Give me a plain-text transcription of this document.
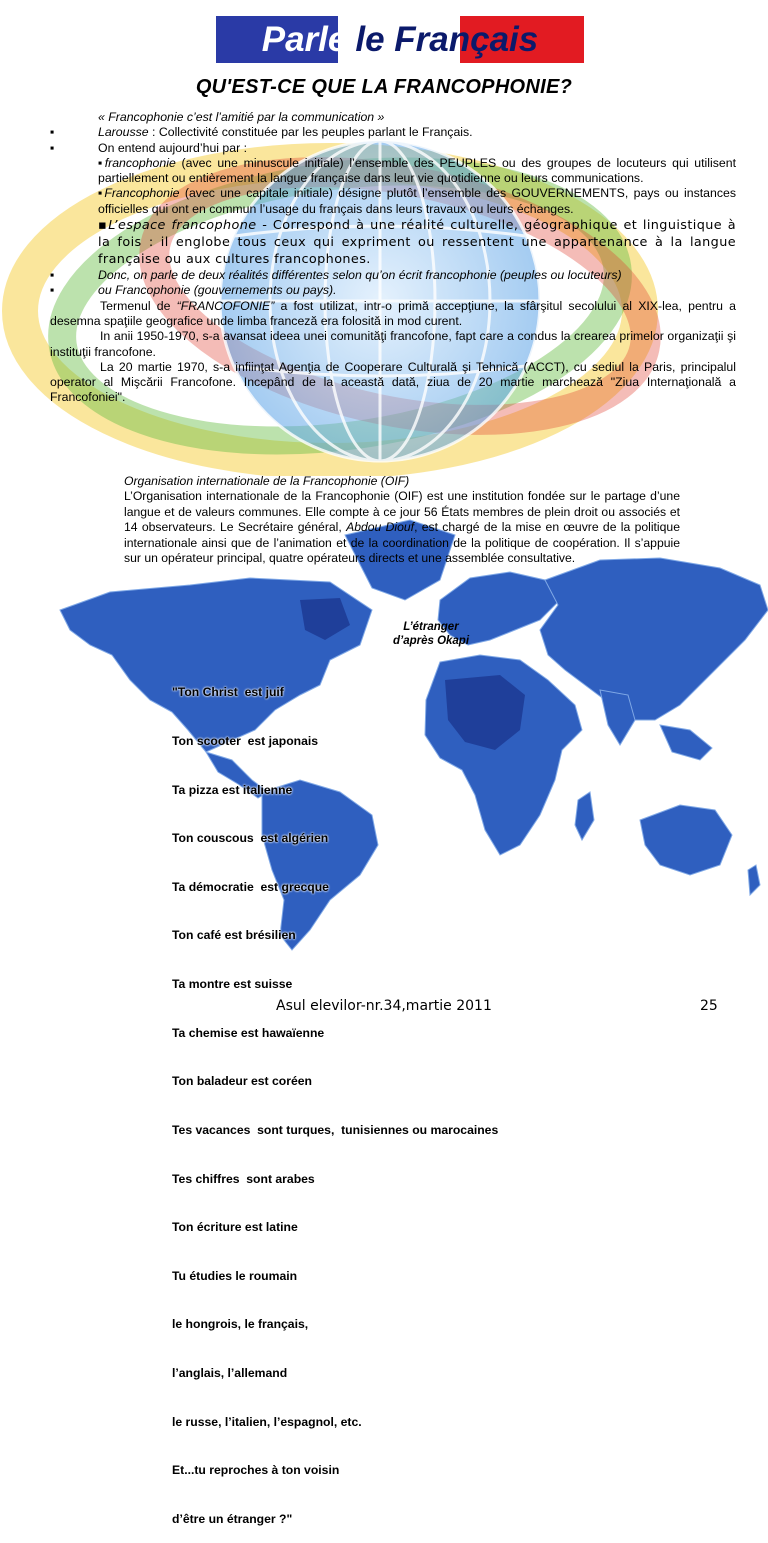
Parle le Français
QU'EST-CE QUE LA FRANCOPHONIE?

« Francophonie c’est l’amitié par la communication »

▪	Larousse : Collectivité constituée par les peuples parlant le Français.

▪	On entend aujourd’hui par :

▪francophonie (avec une minuscule initiale) l’ensemble des PEUPLES ou des groupes de locuteurs qui utilisent partiellement ou entièrement la langue française dans leur vie quotidienne ou leurs communications.

▪Francophonie (avec une capitale initiale) désigne plutôt l’ensemble des GOUVERNEMENTS, pays ou instances officielles qui ont en commun l’usage du français dans leurs travaux ou leurs échanges.

▪L’espace francophone - Correspond à une réalité culturelle, géographique et linguistique à la fois : il englobe tous ceux qui expriment ou ressentent une appartenance à la langue française ou aux cultures francophones.

▪	Donc, on parle de deux réalités différentes selon qu’on écrit francophonie (peuples ou locuteurs)

▪	ou Francophonie (gouvernements ou pays).

Termenul de “FRANCOFONIE” a fost utilizat, intr-o primă accepţiune, la sfârşitul secolului al XIX-lea, pentru a desemna spaţiile geografice unde limba franceză era folosită in mod curent.

In anii 1950-1970, s-a avansat ideea unei comunităţi francofone, fapt care a condus la crearea primelor organizaţii şi instituţii francofone.

La 20 martie 1970, s-a infiinţat Agenţia de Cooperare Culturală şi Tehnică (ACCT), cu sediul la Paris, principalul operator al Mişcării Francofone. Incepând de la această dată, ziua de 20 martie marchează "Ziua Internaţională a Francofoniei".

Organisation internationale de la Francophonie (OIF)

L’Organisation internationale de la Francophonie (OIF) est une institution fondée sur le partage d’une langue et de valeurs communes. Elle compte à ce jour 56 États membres de plein droit ou associés et 14 observateurs. Le Secrétaire général, Abdou Diouf, est chargé de la mise en œuvre de la politique internationale ainsi que de l’animation et de la coordination de la politique de coopération. Il s’appuie sur un opérateur principal, quatre opérateurs directs et une assemblée consultative.

L’étranger
d’après Okapi

"Ton Christ  est juif

Ton scooter  est japonais

Ta pizza est italienne

Ton couscous  est algérien

Ta démocratie  est grecque

Ton café est brésilien

Ta montre est suisse

Ta chemise est hawaïenne

Ton baladeur est coréen

Tes vacances  sont turques,  tunisiennes ou marocaines

Tes chiffres  sont arabes

Ton écriture est latine

Tu étudies le roumain

le hongrois, le français,

l’anglais, l’allemand

le russe, l’italien, l’espagnol, etc.

Et...tu reproches à ton voisin

d’être un étranger ?"

Asul elevilor-nr.34,martie 2011	25
